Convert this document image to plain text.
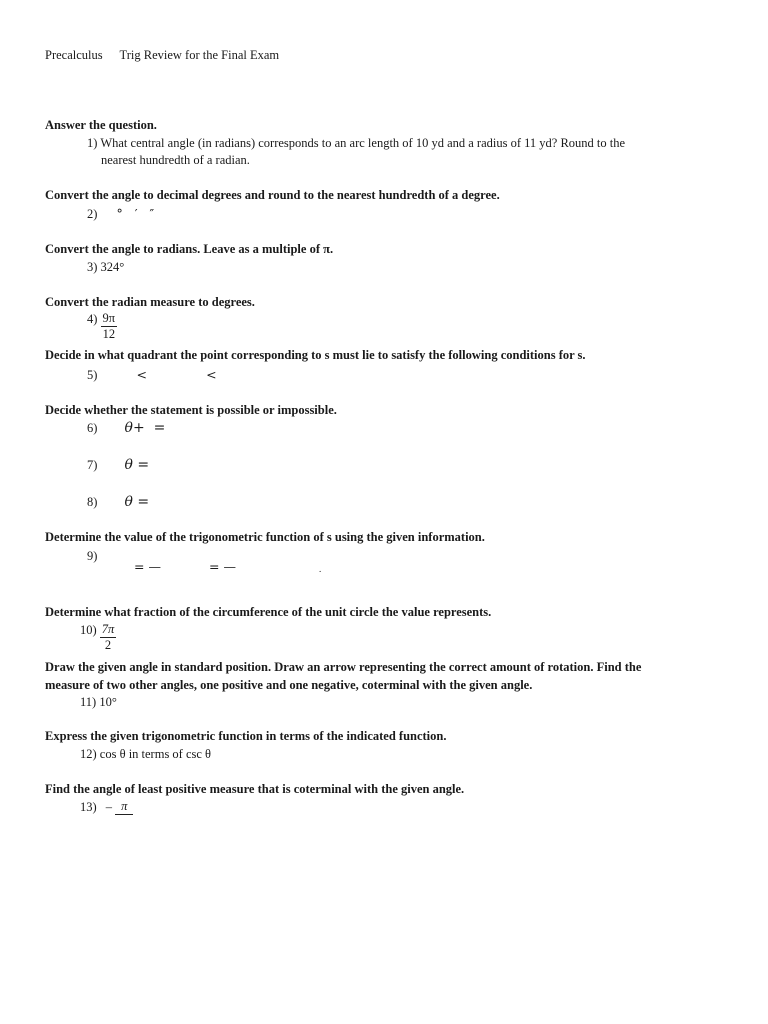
Precalculus Trig Review for the Final Exam
Answer the question.
1) What central angle (in radians) corresponds to an arc length of 10 yd and a radius of 11 yd? Round to the
nearest hundredth of a radian.
Convert the angle to decimal degrees and round to the nearest hundredth of a degree.
2) °   ′   ″
Convert the angle to radians. Leave as a multiple of π.
3) 324°
Convert the radian measure to degrees.
$4) \frac{9\pi}{12}$
Decide in what quadrant the point corresponding to s must lie to satisfy the following conditions for s.
5)	<	<
Decide whether the statement is possible or impossible.
6) θ+  =
7) θ =
8) θ =
Determine the value of the trigonometric function of s using the given information.
9)
= —	= —	.
Determine what fraction of the circumference of the unit circle the value represents.
$10) \frac{7\pi}{2}$
Draw the given angle in standard position. Draw an arrow representing the correct amount of rotation. Find the
measure of two other angles, one positive and one negative, coterminal with the given angle.
11) 10°
Express the given trigonometric function in terms of the indicated function.
12) cos θ in terms of csc θ
Find the angle of least positive measure that is coterminal with the given angle.
13) – π
